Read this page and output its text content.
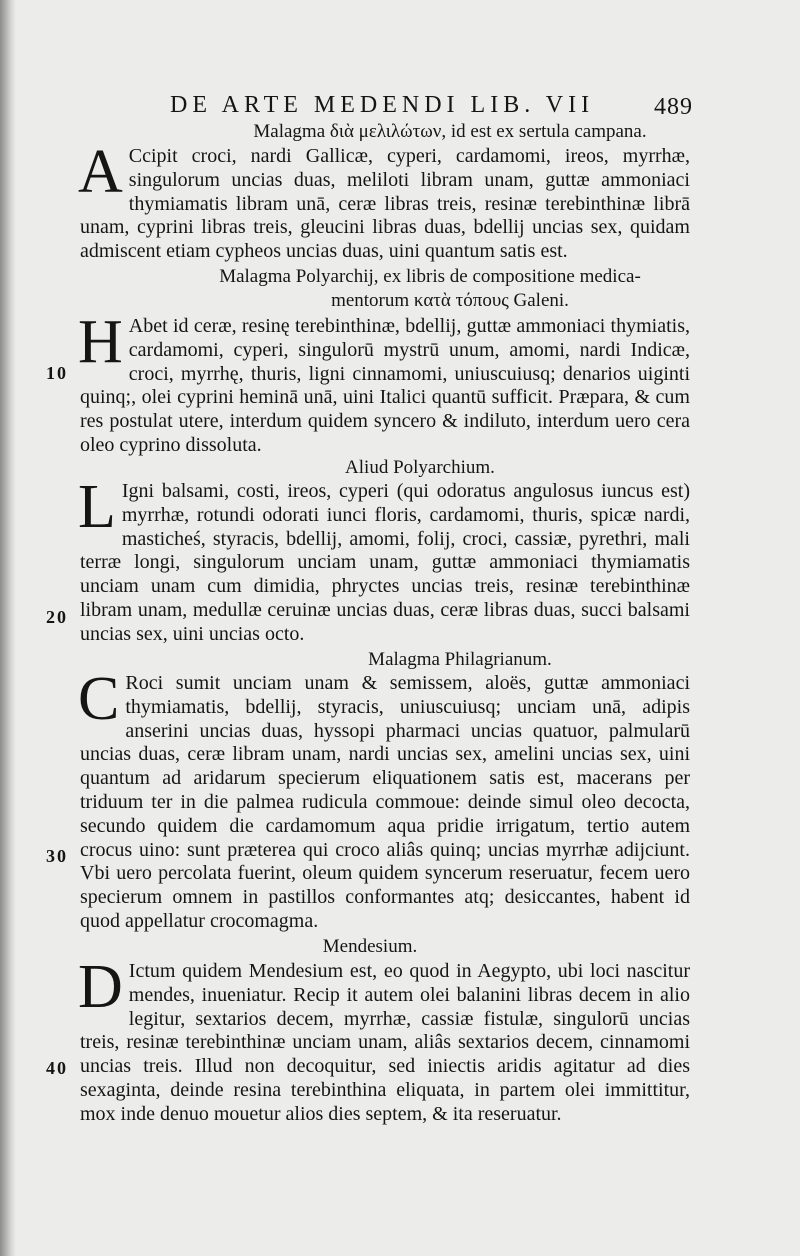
DE ARTE MEDENDI LIB. VII 489
Malagma διὰ μελιλώτων, id est ex sertula campana.
A Ccipit croci, nardi Gallicæ, cyperi, cardamomi, ireos, myrrhæ, singulorum uncias duas, meliloti libram unam, guttæ ammoniaci thymiamatis libram unā, ceræ libras treis, resinæ terebinthinæ librā unam, cyprini libras treis, gleucini libras duas, bdellij uncias sex, quidam admiscent etiam cypheos uncias duas, uini quantum satis est.
Malagma Polyarchij, ex libris de compositione medica-
mentorum κατὰ τόπους Galeni.
H Abet id ceræ, resinę terebinthinæ, bdellij, guttæ ammoniaci thymiatis, cardamomi, cyperi, singulorū mystrū unum, amomi, nardi Indicæ, croci, myrrhę, thuris, ligni cinnamomi, uniuscuiusq; denarios uiginti quinq;, olei cyprini heminā unā, uini Italici quantū sufficit. Præpara, & cum res postulat utere, interdum quidem syncero & indiluto, interdum uero cera oleo cyprino dissoluta.
Aliud Polyarchium.
L Igni balsami, costi, ireos, cyperi (qui odoratus angulosus iuncus est) myrrhæ, rotundi odorati iunci floris, cardamomi, thuris, spicæ nardi, masticheś, styracis, bdellij, amomi, folij, croci, cassiæ, pyrethri, mali terræ longi, singulorum unciam unam, guttæ ammoniaci thymiamatis unciam unam cum dimidia, phryctes uncias treis, resinæ terebinthinæ libram unam, medullæ ceruinæ uncias duas, ceræ libras duas, succi balsami uncias sex, uini uncias octo.
Malagma Philagrianum.
C Roci sumit unciam unam & semissem, aloës, guttæ ammoniaci thymiamatis, bdellij, styracis, uniuscuiusq; unciam unā, adipis anserini uncias duas, hyssopi pharmaci uncias quatuor, palmularū uncias duas, ceræ libram unam, nardi uncias sex, amelini uncias sex, uini quantum ad aridarum specierum eliquationem satis est, macerans per triduum ter in die palmea rudicula commoue: deinde simul oleo decocta, secundo quidem die cardamomum aqua pridie irrigatum, tertio autem crocus uino: sunt præterea qui croco aliâs quinq; uncias myrrhæ adijciunt. Vbi uero percolata fuerint, oleum quidem syncerum reseruatur, fecem uero specierum omnem in pastillos conformantes atq; desiccantes, habent id quod appellatur crocomagma.
Mendesium.
D Ictum quidem Mendesium est, eo quod in Aegypto, ubi loci nascitur mendes, inueniatur. Recip it autem olei balanini libras decem in alio legitur, sextarios decem, myrrhæ, cassiæ fistulæ, singulorū uncias treis, resinæ terebinthinæ unciam unam, aliâs sextarios decem, cinnamomi uncias treis. Illud non decoquitur, sed iniectis aridis agitatur ad dies sexaginta, deinde resina terebinthina eliquata, in partem olei immittitur, mox inde denuo mouetur alios dies septem, & ita reseruatur.
10
20
30
40
